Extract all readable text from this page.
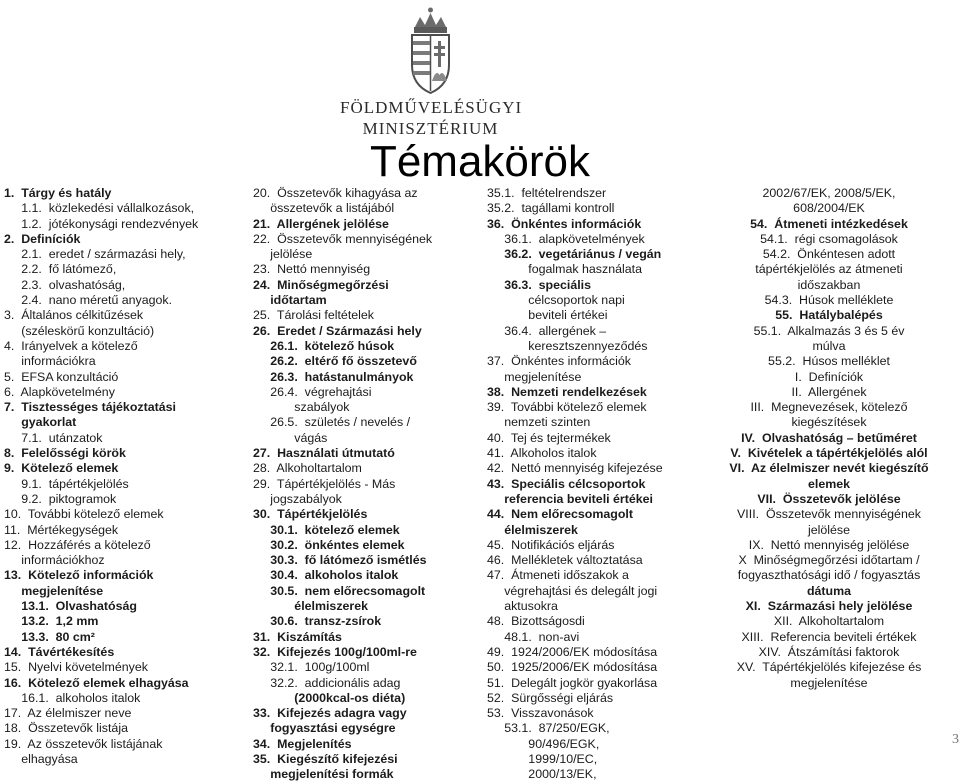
FÖLDMŰVELÉSÜGYI
MINISZTÉRIUM
Témakörök
1.  Tárgy és hatály
1.1.  közlekedési vállalkozások,
1.2.  jótékonysági rendezvények
2.  Definíciók
2.1.  eredet / származási hely,
2.2.  fő látómező,
2.3.  olvashatóság,
2.4.  nano méretű anyagok.
3.  Általános célkitűzések
(széleskörű konzultáció)
4.  Irányelvek a kötelező
információkra
5.  EFSA konzultáció
6.  Alapkövetelmény
7.  Tisztességes tájékoztatási
gyakorlat
7.1.  utánzatok
8.  Felelősségi körök
9.  Kötelező elemek
9.1.  tápértékjelölés
9.2.  piktogramok
10.  További kötelező elemek
11.  Mértékegységek
12.  Hozzáférés a kötelező
információkhoz
13.  Kötelező információk
megjelenítése
13.1.  Olvashatóság
13.2.  1,2 mm
13.3.  80 cm²
14.  Távértékesítés
15.  Nyelvi követelmények
16.  Kötelező elemek elhagyása
16.1.  alkoholos italok
17.  Az élelmiszer neve
18.  Összetevők listája
19.  Az összetevők listájának
elhagyása
20.  Összetevők kihagyása az
összetevők a listájából
21.  Allergének jelölése
22.  Összetevők mennyiségének
jelölése
23.  Nettó mennyiség
24.  Minőségmegőrzési
időtartam
25.  Tárolási feltételek
26.  Eredet / Származási hely
26.1.  kötelező húsok
26.2.  eltérő fő összetevő
26.3.  hatástanulmányok
26.4.  végrehajtási
szabályok
26.5.  születés / nevelés /
vágás
27.  Használati útmutató
28.  Alkoholtartalom
29.  Tápértékjelölés - Más
jogszabályok
30.  Tápértékjelölés
30.1.  kötelező elemek
30.2.  önkéntes elemek
30.3.  fő látómező ismétlés
30.4.  alkoholos italok
30.5.  nem előrecsomagolt
élelmiszerek
30.6.  transz-zsírok
31.  Kiszámítás
32.  Kifejezés 100g/100ml-re
32.1.  100g/100ml
32.2.  addicionális adag
(2000kcal-os diéta)
33.  Kifejezés adagra vagy
fogyasztási egységre
34.  Megjelenítés
35.  Kiegészítő kifejezési
megjelenítési formák
35.1.  feltételrendszer
35.2.  tagállami kontroll
36.  Önkéntes információk
36.1.  alapkövetelmények
36.2.  vegetáriánus / vegán
fogalmak használata
36.3.  speciális
célcsoportok napi
beviteli értékei
36.4.  allergének –
keresztszennyeződés
37.  Önkéntes információk
megjelenítése
38.  Nemzeti rendelkezések
39.  További kötelező elemek
nemzeti szinten
40.  Tej és tejtermékek
41.  Alkoholos italok
42.  Nettó mennyiség kifejezése
43.  Speciális célcsoportok
referencia beviteli értékei
44.  Nem előrecsomagolt
élelmiszerek
45.  Notifikációs eljárás
46.  Mellékletek változtatása
47.  Átmeneti időszakok a
végrehajtási és delegált jogi
aktusokra
48.  Bizottságosdi
48.1.  non-avi
49.  1924/2006/EK módosítása
50.  1925/2006/EK módosítása
51.  Delegált jogkör gyakorlása
52.  Sürgősségi eljárás
53.  Visszavonások
53.1.  87/250/EGK,
90/496/EGK,
1999/10/EC,
2000/13/EK,
2002/67/EK, 2008/5/EK,
608/2004/EK
54.  Átmeneti intézkedések
54.1.  régi csomagolások
54.2.  Önkéntesen adott
tápértékjelölés az átmeneti
időszakban
54.3.  Húsok melléklete
55.  Hatálybalépés
55.1.  Alkalmazás 3 és 5 év
múlva
55.2.  Húsos melléklet
I.  Definíciók
II.  Allergének
III.  Megnevezések, kötelező
kiegészítések
IV.  Olvashatóság – betűméret
V.  Kivételek a tápértékjelölés alól
VI.  Az élelmiszer nevét kiegészítő
elemek
VII.  Összetevők jelölése
VIII.  Összetevők mennyiségének
jelölése
IX.  Nettó mennyiség jelölése
X  Minőségmegőrzési időtartam /
fogyaszthatósági idő / fogyasztás
dátuma
XI.  Származási hely jelölése
XII.  Alkoholtartalom
XIII.  Referencia beviteli értékek
XIV.  Átszámítási faktorok
XV.  Tápértékjelölés kifejezése és
megjelenítése
3
